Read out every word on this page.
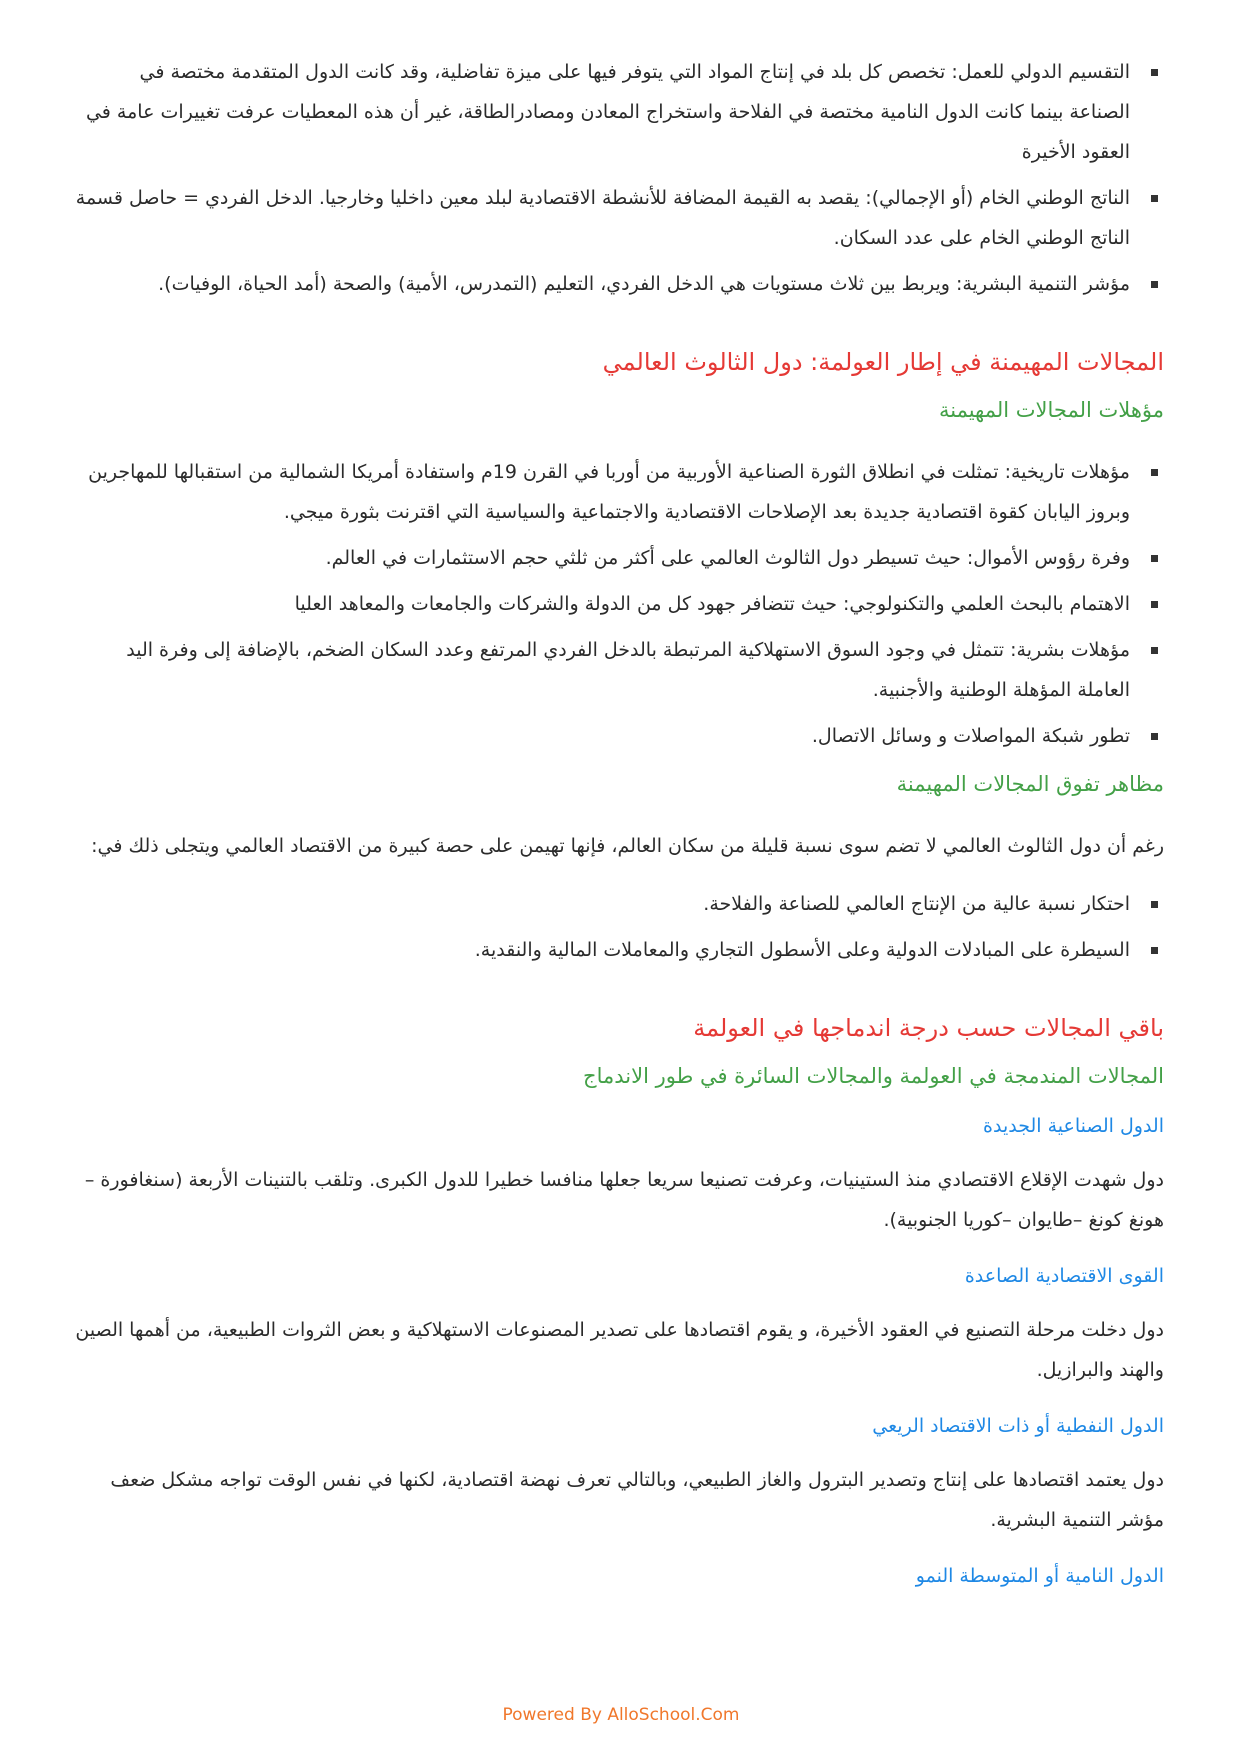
التقسيم الدولي للعمل: تخصص كل بلد في إنتاج المواد التي يتوفر فيها على ميزة تفاضلية، وقد كانت الدول المتقدمة مختصة في الصناعة بينما كانت الدول النامية مختصة في الفلاحة واستخراج المعادن ومصادرالطاقة، غير أن هذه المعطيات عرفت تغييرات عامة في العقود الأخيرة
الناتج الوطني الخام (أو الإجمالي): يقصد به القيمة المضافة للأنشطة الاقتصادية لبلد معين داخليا وخارجيا. الدخل الفردي = حاصل قسمة الناتج الوطني الخام على عدد السكان.
مؤشر التنمية البشرية: ويربط بين ثلاث مستويات هي الدخل الفردي، التعليم (التمدرس، الأمية) والصحة (أمد الحياة، الوفيات).
المجالات المهيمنة في إطار العولمة: دول الثالوث العالمي
مؤهلات المجالات المهيمنة
مؤهلات تاريخية: تمثلت في انطلاق الثورة الصناعية الأوربية من أوربا في القرن 19م واستفادة أمريكا الشمالية من استقبالها للمهاجرين وبروز اليابان كقوة اقتصادية جديدة بعد الإصلاحات الاقتصادية والاجتماعية والسياسية التي اقترنت بثورة ميجي.
وفرة رؤوس الأموال: حيث تسيطر دول الثالوث العالمي على أكثر من ثلثي حجم الاستثمارات في العالم.
الاهتمام بالبحث العلمي والتكنولوجي: حيث تتضافر جهود كل من الدولة والشركات والجامعات والمعاهد العليا
مؤهلات بشرية: تتمثل في وجود السوق الاستهلاكية المرتبطة بالدخل الفردي المرتفع وعدد السكان الضخم، بالإضافة إلى وفرة اليد العاملة المؤهلة الوطنية والأجنبية.
تطور شبكة المواصلات و وسائل الاتصال.
مظاهر تفوق المجالات المهيمنة

رغم أن دول الثالوث العالمي لا تضم سوى نسبة قليلة من سكان العالم، فإنها تهيمن على حصة كبيرة من الاقتصاد العالمي ويتجلى ذلك في:

احتكار نسبة عالية من الإنتاج العالمي للصناعة والفلاحة.
السيطرة على المبادلات الدولية وعلى الأسطول التجاري والمعاملات المالية والنقدية.
باقي المجالات حسب درجة اندماجها في العولمة
المجالات المندمجة في العولمة والمجالات السائرة في طور الاندماج
الدول الصناعية الجديدة

دول شهدت الإقلاع الاقتصادي منذ الستينيات، وعرفت تصنيعا سريعا جعلها منافسا خطيرا للدول الكبرى. وتلقب بالتنينات الأربعة (سنغافورة –هونغ كونغ –طايوان –كوريا الجنوبية).

القوى الاقتصادية الصاعدة

دول دخلت مرحلة التصنيع في العقود الأخيرة، و يقوم اقتصادها على تصدير المصنوعات الاستهلاكية و بعض الثروات الطبيعية، من أهمها الصين والهند والبرازيل.

الدول النفطية أو ذات الاقتصاد الريعي

دول يعتمد اقتصادها على إنتاج وتصدير البترول والغاز الطبيعي، وبالتالي تعرف نهضة اقتصادية، لكنها في نفس الوقت تواجه مشكل ضعف مؤشر التنمية البشرية.

الدول النامية أو المتوسطة النمو
Powered By AlloSchool.Com
